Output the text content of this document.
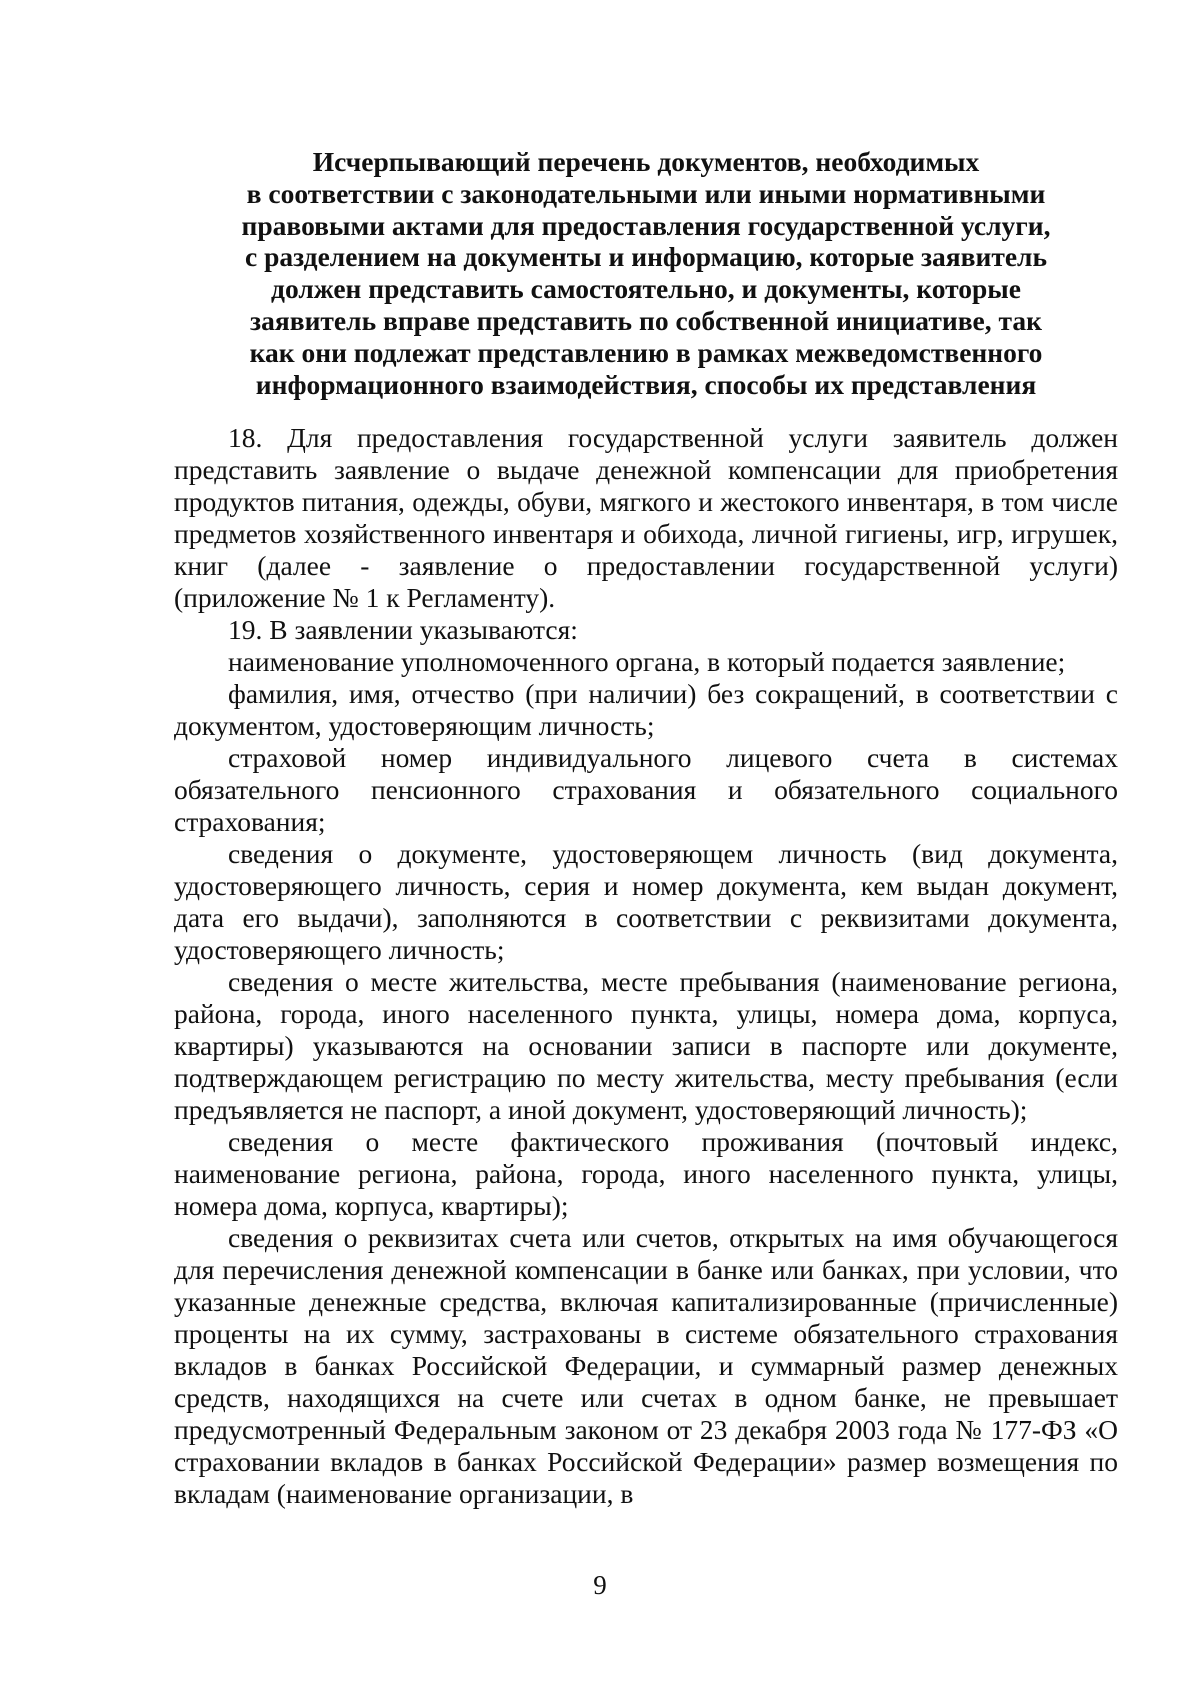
Исчерпывающий перечень документов, необходимых
в соответствии с законодательными или иными нормативными
правовыми актами для предоставления государственной услуги,
с разделением на документы и информацию, которые заявитель
должен представить самостоятельно, и документы, которые
заявитель вправе представить по собственной инициативе, так
как они подлежат представлению в рамках межведомственного
информационного взаимодействия, способы их представления

18. Для предоставления государственной услуги заявитель должен представить заявление о выдаче денежной компенсации для приобретения продуктов питания, одежды, обуви, мягкого и жестокого инвентаря, в том числе предметов хозяйственного инвентаря и обихода, личной гигиены, игр, игрушек, книг (далее - заявление о предоставлении государственной услуги) (приложение № 1 к Регламенту).

19. В заявлении указываются:

наименование уполномоченного органа, в который подается заявление;

фамилия, имя, отчество (при наличии) без сокращений, в соответствии с документом, удостоверяющим личность;

страховой номер индивидуального лицевого счета в системах обязательного пенсионного страхования и обязательного социального страхования;

сведения о документе, удостоверяющем личность (вид документа, удостоверяющего личность, серия и номер документа, кем выдан документ, дата его выдачи), заполняются в соответствии с реквизитами документа, удостоверяющего личность;

сведения о месте жительства, месте пребывания (наименование региона, района, города, иного населенного пункта, улицы, номера дома, корпуса, квартиры) указываются на основании записи в паспорте или документе, подтверждающем регистрацию по месту жительства, месту пребывания (если предъявляется не паспорт, а иной документ, удостоверяющий личность);

сведения о месте фактического проживания (почтовый индекс, наименование региона, района, города, иного населенного пункта, улицы, номера дома, корпуса, квартиры);

сведения о реквизитах счета или счетов, открытых на имя обучающегося для перечисления денежной компенсации в банке или банках, при условии, что указанные денежные средства, включая капитализированные (причисленные) проценты на их сумму, застрахованы в системе обязательного страхования вкладов в банках Российской Федерации, и суммарный размер денежных средств, находящихся на счете или счетах в одном банке, не превышает предусмотренный Федеральным законом от 23 декабря 2003 года № 177-ФЗ «О страховании вкладов в банках Российской Федерации» размер возмещения по вкладам (наименование организации, в

9
